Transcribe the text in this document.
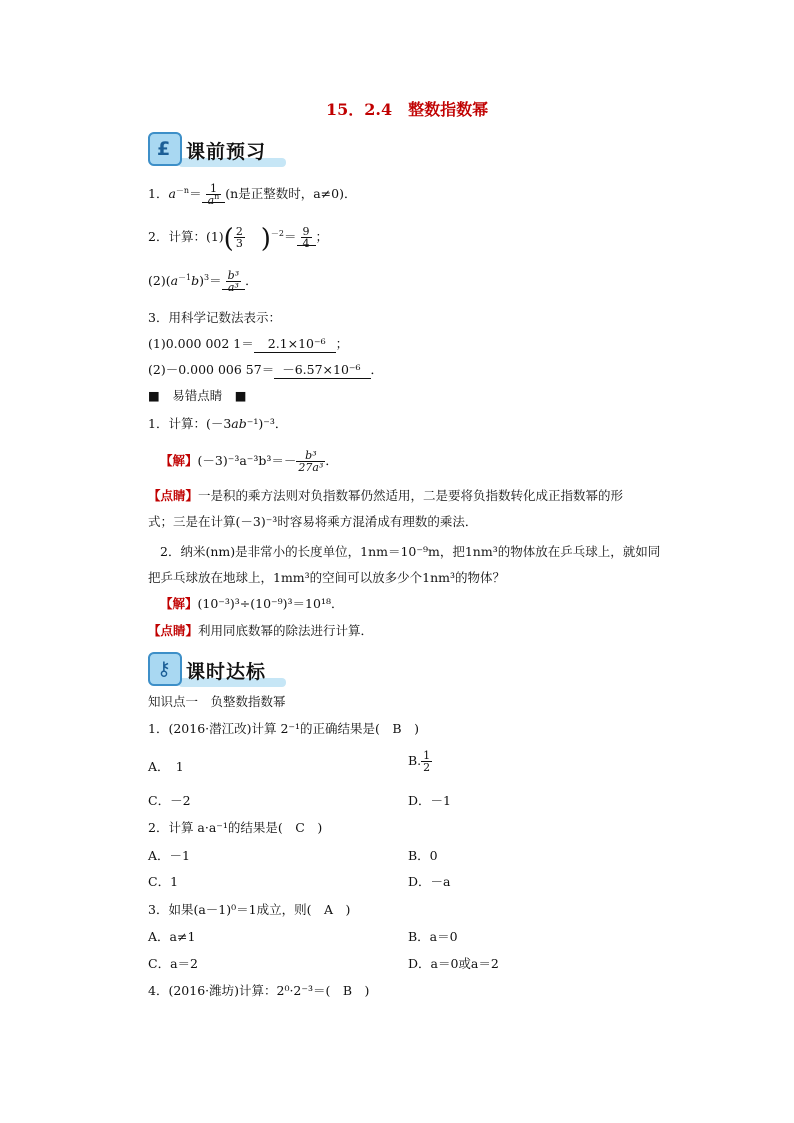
15．2.4　整数指数幂
£ 课前预习
1．$a^{-n}= \frac{1}{a^n} (n$是正整数时，a≠0)．
2．计算：$(1)( \frac{2}{3} )^{-2}= \frac{9}{4}$ ；
$(2)(a^{-1}b)^3= \frac{\text{b³}}{\text{a³}}$ ．
3．用科学记数法表示：
(1)0.000 002 1＝ 2.1×10⁻⁶ ；
(2)－0.000 006 57＝ －6.57×10⁻⁶ ．
■　易错点睛　■
1．计算：(－3ab⁻¹)⁻³．
【解】$(-3)^{-3}a^{-3}b^3=- \frac{\text{b³}}{\text{27a³}}$ ．
【点睛】一是积的乘方法则对负指数幂仍然适用，二是要将负指数转化成正指数幂的形
式；三是在计算(－3)⁻³时容易将乘方混淆成有理数的乘法．
2．纳米(nm)是非常小的长度单位，1nm＝10⁻⁹m，把1nm³的物体放在乒乓球上，就如同
把乒乓球放在地球上，1mm³的空间可以放多少个1nm³的物体？
【解】(10⁻³)³÷(10⁻⁹)³＝10¹⁸．
【点睛】利用同底数幂的除法进行计算．
⚷ 课时达标
知识点一　负整数指数幂
1．(2016·潜江改)计算 2⁻¹的正确结果是(　B　)
A．　1	B. $\frac{1}{2}$
C．－2	D．－1
2．计算 a·a⁻¹的结果是(　C　)
A．－1	B．0
C．1	D．－a
3．如果(a－1)⁰＝1成立，则(　A　)
A．a≠1	B．a＝0
C．a＝2	D．a＝0或a＝2
4．(2016·潍坊)计算：2⁰·2⁻³＝(　B　)
